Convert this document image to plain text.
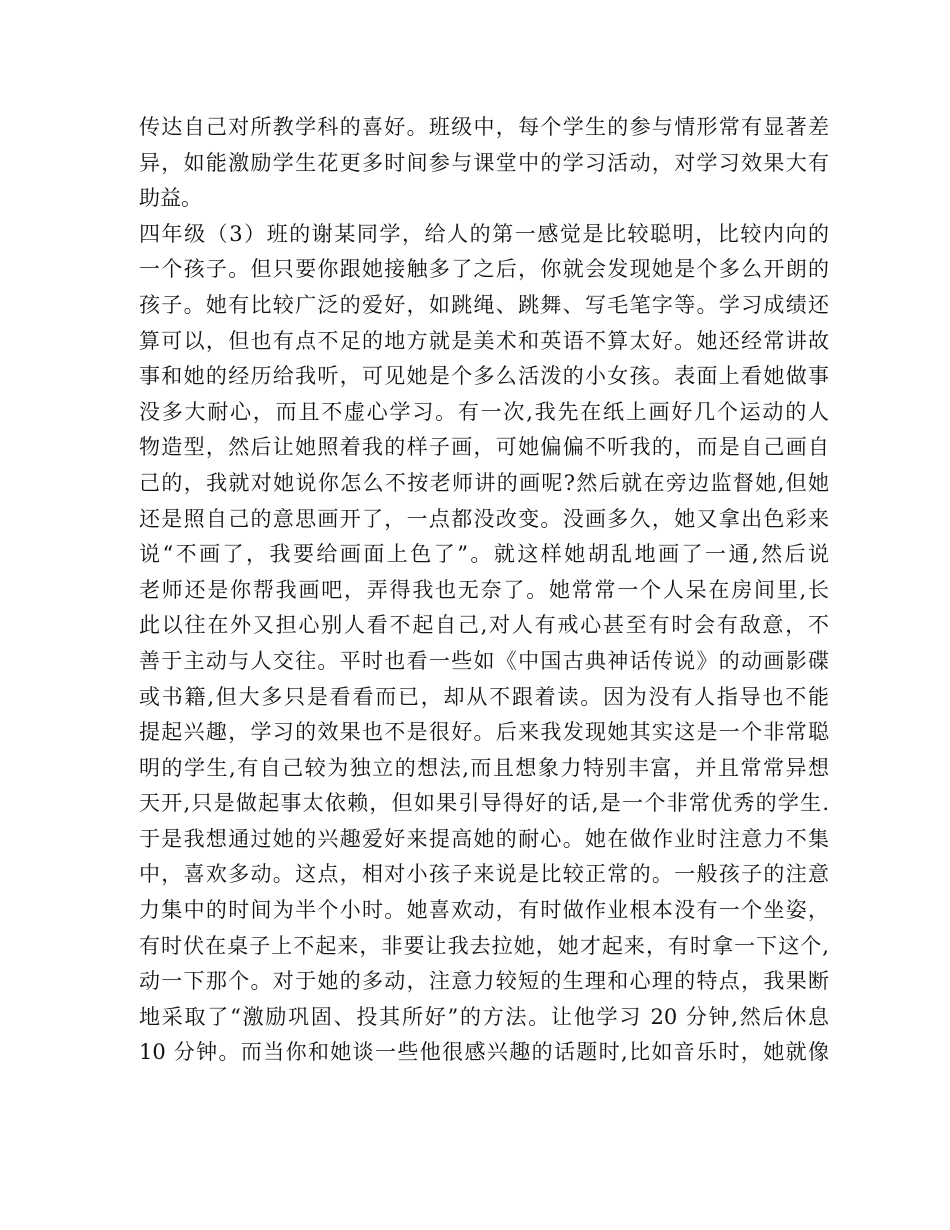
传达自己对所教学科的喜好。班级中，每个学生的参与情形常有显著差
异，如能激励学生花更多时间参与课堂中的学习活动，对学习效果大有
助益。
四年级（3）班的谢某同学，给人的第一感觉是比较聪明，比较内向的
一个孩子。但只要你跟她接触多了之后，你就会发现她是个多么开朗的
孩子。她有比较广泛的爱好，如跳绳、跳舞、写毛笔字等。学习成绩还
算可以，但也有点不足的地方就是美术和英语不算太好。她还经常讲故
事和她的经历给我听，可见她是个多么活泼的小女孩。表面上看她做事
没多大耐心，而且不虚心学习。有一次,我先在纸上画好几个运动的人
物造型，然后让她照着我的样子画，可她偏偏不听我的，而是自己画自
己的，我就对她说你怎么不按老师讲的画呢?然后就在旁边监督她,但她
还是照自己的意思画开了，一点都没改变。没画多久，她又拿出色彩来
说“不画了，我要给画面上色了”。就这样她胡乱地画了一通,然后说
老师还是你帮我画吧，弄得我也无奈了。她常常一个人呆在房间里,长
此以往在外又担心别人看不起自己,对人有戒心甚至有时会有敌意，不
善于主动与人交往。平时也看一些如《中国古典神话传说》的动画影碟
或书籍,但大多只是看看而已，却从不跟着读。因为没有人指导也不能
提起兴趣，学习的效果也不是很好。后来我发现她其实这是一个非常聪
明的学生,有自己较为独立的想法,而且想象力特别丰富，并且常常异想
天开,只是做起事太依赖，但如果引导得好的话,是一个非常优秀的学生.
于是我想通过她的兴趣爱好来提高她的耐心。她在做作业时注意力不集
中，喜欢多动。这点，相对小孩子来说是比较正常的。一般孩子的注意
力集中的时间为半个小时。她喜欢动，有时做作业根本没有一个坐姿，
有时伏在桌子上不起来，非要让我去拉她，她才起来，有时拿一下这个,
动一下那个。对于她的多动，注意力较短的生理和心理的特点，我果断
地采取了“激励巩固、投其所好”的方法。让他学习 20 分钟,然后休息
10 分钟。而当你和她谈一些他很感兴趣的话题时,比如音乐时，她就像
